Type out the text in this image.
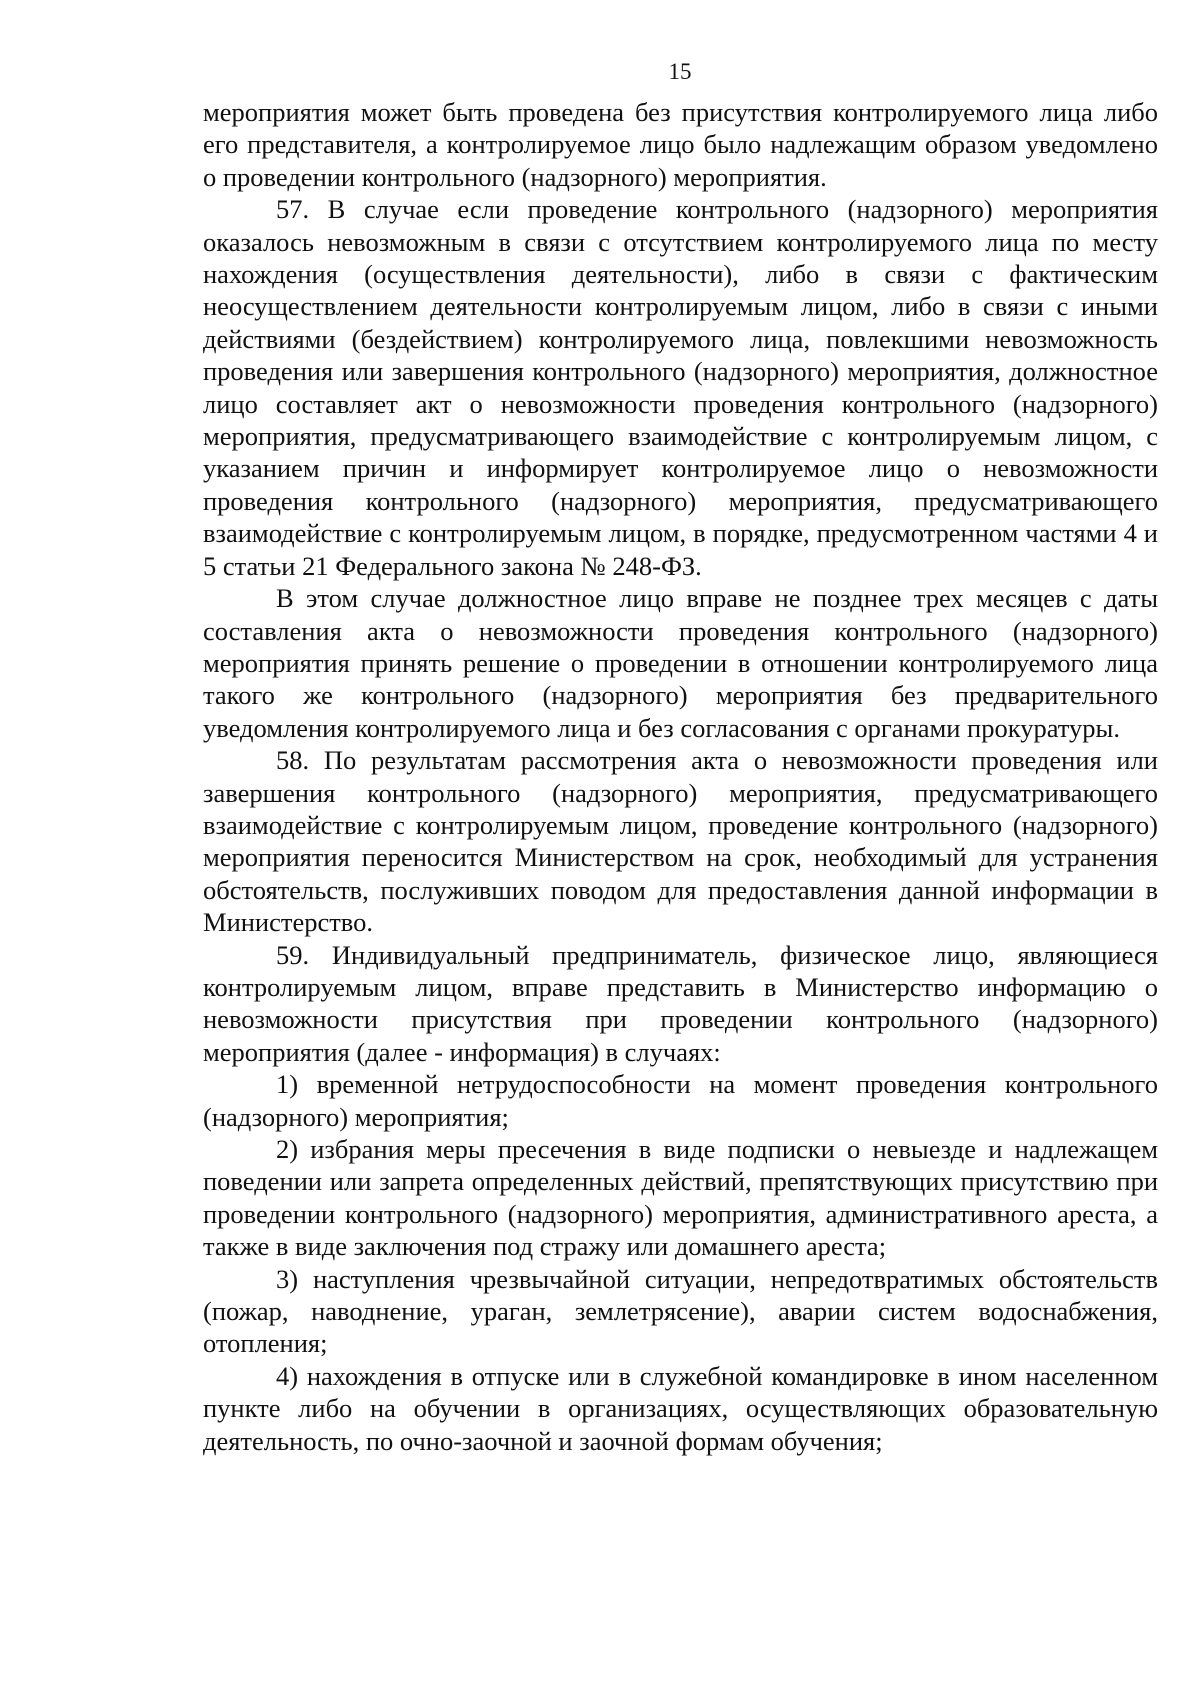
15

мероприятия может быть проведена без присутствия контролируемого лица либо его представителя, а контролируемое лицо было надлежащим образом уведомлено о проведении контрольного (надзорного) мероприятия.

57. В случае если проведение контрольного (надзорного) мероприятия оказалось невозможным в связи с отсутствием контролируемого лица по месту нахождения (осуществления деятельности), либо в связи с фактическим неосуществлением деятельности контролируемым лицом, либо в связи с иными действиями (бездействием) контролируемого лица, повлекшими невозможность проведения или завершения контрольного (надзорного) мероприятия, должностное лицо составляет акт о невозможности проведения контрольного (надзорного) мероприятия, предусматривающего взаимодействие с контролируемым лицом, с указанием причин и информирует контролируемое лицо о невозможности проведения контрольного (надзорного) мероприятия, предусматривающего взаимодействие с контролируемым лицом, в порядке, предусмотренном частями 4 и 5 статьи 21 Федерального закона № 248-ФЗ.

В этом случае должностное лицо вправе не позднее трех месяцев с даты составления акта о невозможности проведения контрольного (надзорного) мероприятия принять решение о проведении в отношении контролируемого лица такого же контрольного (надзорного) мероприятия без предварительного уведомления контролируемого лица и без согласования с органами прокуратуры.

58. По результатам рассмотрения акта о невозможности проведения или завершения контрольного (надзорного) мероприятия, предусматривающего взаимодействие с контролируемым лицом, проведение контрольного (надзорного) мероприятия переносится Министерством на срок, необходимый для устранения обстоятельств, послуживших поводом для предоставления данной информации в Министерство.

59. Индивидуальный предприниматель, физическое лицо, являющиеся контролируемым лицом, вправе представить в Министерство информацию о невозможности присутствия при проведении контрольного (надзорного) мероприятия (далее - информация) в случаях:

1) временной нетрудоспособности на момент проведения контрольного (надзорного) мероприятия;

2) избрания меры пресечения в виде подписки о невыезде и надлежащем поведении или запрета определенных действий, препятствующих присутствию при проведении контрольного (надзорного) мероприятия, административного ареста, а также в виде заключения под стражу или домашнего ареста;

3) наступления чрезвычайной ситуации, непредотвратимых обстоятельств (пожар, наводнение, ураган, землетрясение), аварии систем водоснабжения, отопления;

4) нахождения в отпуске или в служебной командировке в ином населенном пункте либо на обучении в организациях, осуществляющих образовательную деятельность, по очно-заочной и заочной формам обучения;
